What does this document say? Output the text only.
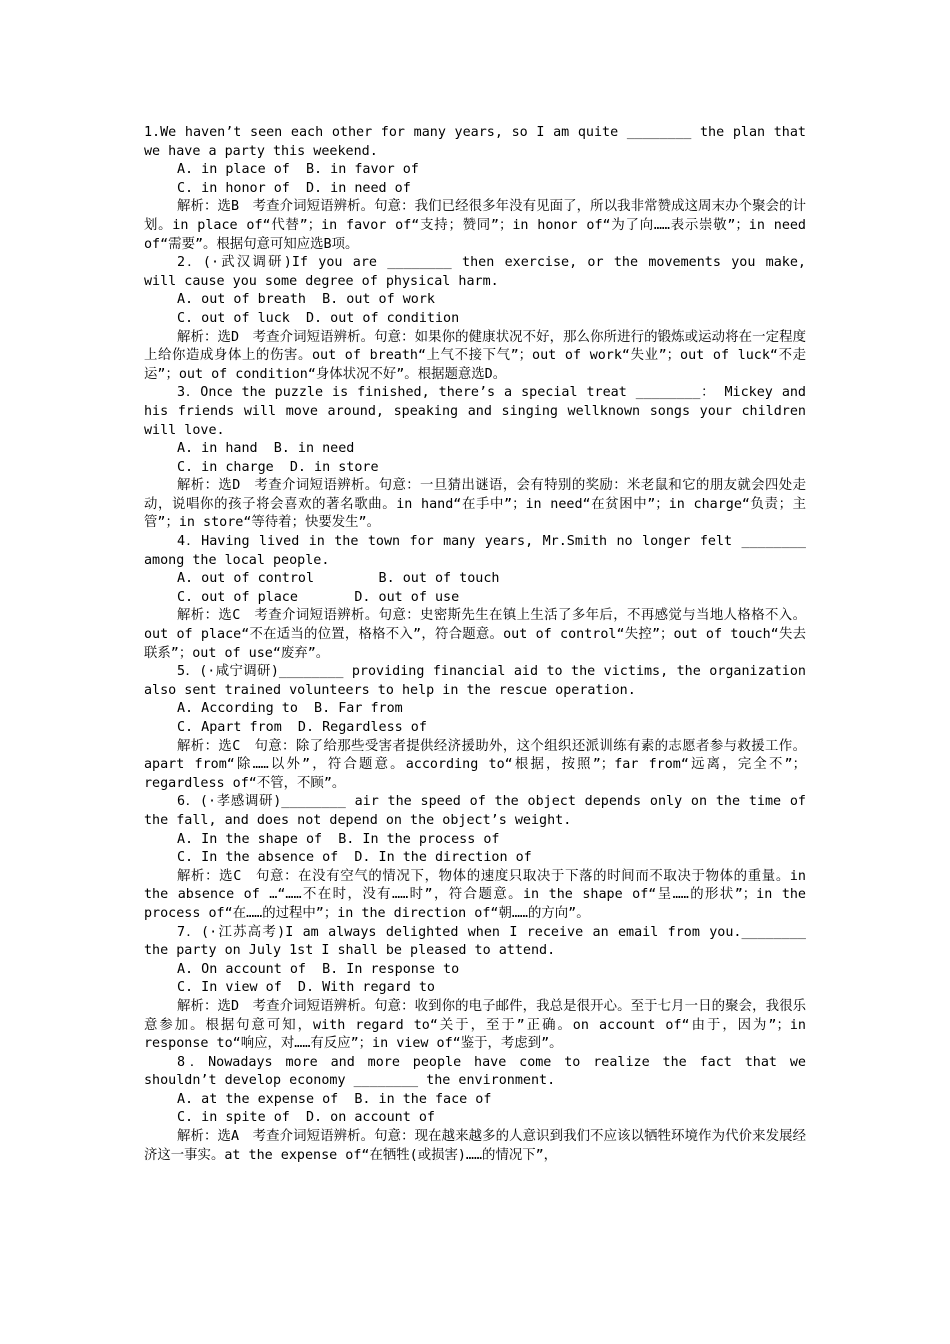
1.We haven’t seen each other for many years, so I am quite ________ the plan that we have a party this weekend.

A. in place of  B. in favor of

C. in honor of  D. in need of

解析：选B　考查介词短语辨析。句意：我们已经很多年没有见面了，所以我非常赞成这周末办个聚会的计划。in place of“代替”；in favor of“支持；赞同”；in honor of“为了向……表示崇敬”；in need of“需要”。根据句意可知应选B项。

2．(·武汉调研)If you are ________ then exercise, or the movements you make, will cause you some degree of physical harm.

A. out of breath  B. out of work

C. out of luck  D. out of condition

解析：选D　考查介词短语辨析。句意：如果你的健康状况不好，那么你所进行的锻炼或运动将在一定程度上给你造成身体上的伤害。out of breath“上气不接下气”；out of work“失业”；out of luck“不走运”；out of condition“身体状况不好”。根据题意选D。

3．Once the puzzle is finished, there’s a special treat ________： Mickey and his friends will move around, speaking and singing wellknown songs your children will love.

A. in hand  B. in need

C. in charge  D. in store

解析：选D　考查介词短语辨析。句意：一旦猜出谜语，会有特别的奖励：米老鼠和它的朋友就会四处走动，说唱你的孩子将会喜欢的著名歌曲。in hand“在手中”；in need“在贫困中”；in charge“负责；主管”；in store“等待着；快要发生”。

4．Having lived in the town for many years, Mr.Smith no longer felt ________ among the local people.

A. out of control        B. out of touch

C. out of place       D. out of use

解析：选C　考查介词短语辨析。句意：史密斯先生在镇上生活了多年后，不再感觉与当地人格格不入。out of place“不在适当的位置，格格不入”，符合题意。out of control“失控”；out of touch“失去联系”；out of use“废弃”。

5．(·咸宁调研)________ providing financial aid to the victims, the organization also sent trained volunteers to help in the rescue operation.

A. According to  B. Far from

C. Apart from  D. Regardless of

解析：选C　句意：除了给那些受害者提供经济援助外，这个组织还派训练有素的志愿者参与救援工作。apart from“除……以外”，符合题意。according to“根据，按照”；far from“远离，完全不”；regardless of“不管，不顾”。

6．(·孝感调研)________ air the speed of the object depends only on the time of the fall, and does not depend on the object’s weight.

A. In the shape of  B. In the process of

C. In the absence of  D. In the direction of

解析：选C　句意：在没有空气的情况下，物体的速度只取决于下落的时间而不取决于物体的重量。in the absence of …“……不在时，没有……时”，符合题意。in the shape of“呈……的形状”；in the process of“在……的过程中”；in the direction of“朝……的方向”。

7．(·江苏高考)I am always delighted when I receive an email from you.________ the party on July 1st I shall be pleased to attend.

A. On account of  B. In response to

C. In view of  D. With regard to

解析：选D　考查介词短语辨析。句意：收到你的电子邮件，我总是很开心。至于七月一日的聚会，我很乐意参加。根据句意可知，with regard to“关于，至于”正确。on account of“由于，因为”；in response to“响应，对……有反应”；in view of“鉴于，考虑到”。

8．Nowadays more and more people have come to realize the fact that we shouldn’t develop economy ________ the environment.

A. at the expense of  B. in the face of

C. in spite of  D. on account of

解析：选A　考查介词短语辨析。句意：现在越来越多的人意识到我们不应该以牺牲环境作为代价来发展经济这一事实。at the expense of“在牺牲(或损害)……的情况下”，
